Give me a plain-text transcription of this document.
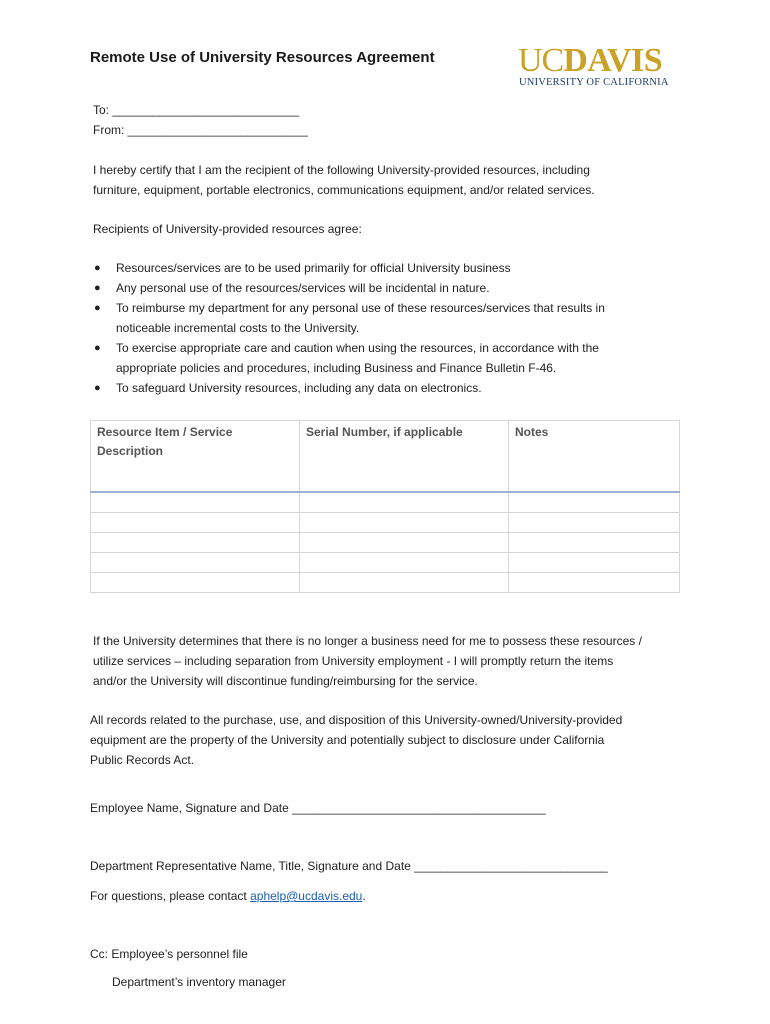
Remote Use of University Resources Agreement UCDAVIS
UNIVERSITY OF CALIFORNIA
To: ____________________________
From: ___________________________
I hereby certify that I am the recipient of the following University-provided resources, including
furniture, equipment, portable electronics, communications equipment, and/or related services.
Recipients of University-provided resources agree:
● Resources/services are to be used primarily for official University business
● Any personal use of the resources/services will be incidental in nature.
● To reimburse my department for any personal use of these resources/services that results in
noticeable incremental costs to the University.
● To exercise appropriate care and caution when using the resources, in accordance with the
appropriate policies and procedures, including Business and Finance Bulletin F-46.
● To safeguard University resources, including any data on electronics.
Resource Item / Service Description	Serial Number, if applicable	Notes

If the University determines that there is no longer a business need for me to possess these resources /
utilize services – including separation from University employment - I will promptly return the items
and/or the University will discontinue funding/reimbursing for the service.
All records related to the purchase, use, and disposition of this University-owned/University-provided
equipment are the property of the University and potentially subject to disclosure under California
Public Records Act.
Employee Name, Signature and Date ______________________________________
Department Representative Name, Title, Signature and Date _____________________________
For questions, please contact aphelp@ucdavis.edu.
Cc: Employee’s personnel file
Department’s inventory manager
